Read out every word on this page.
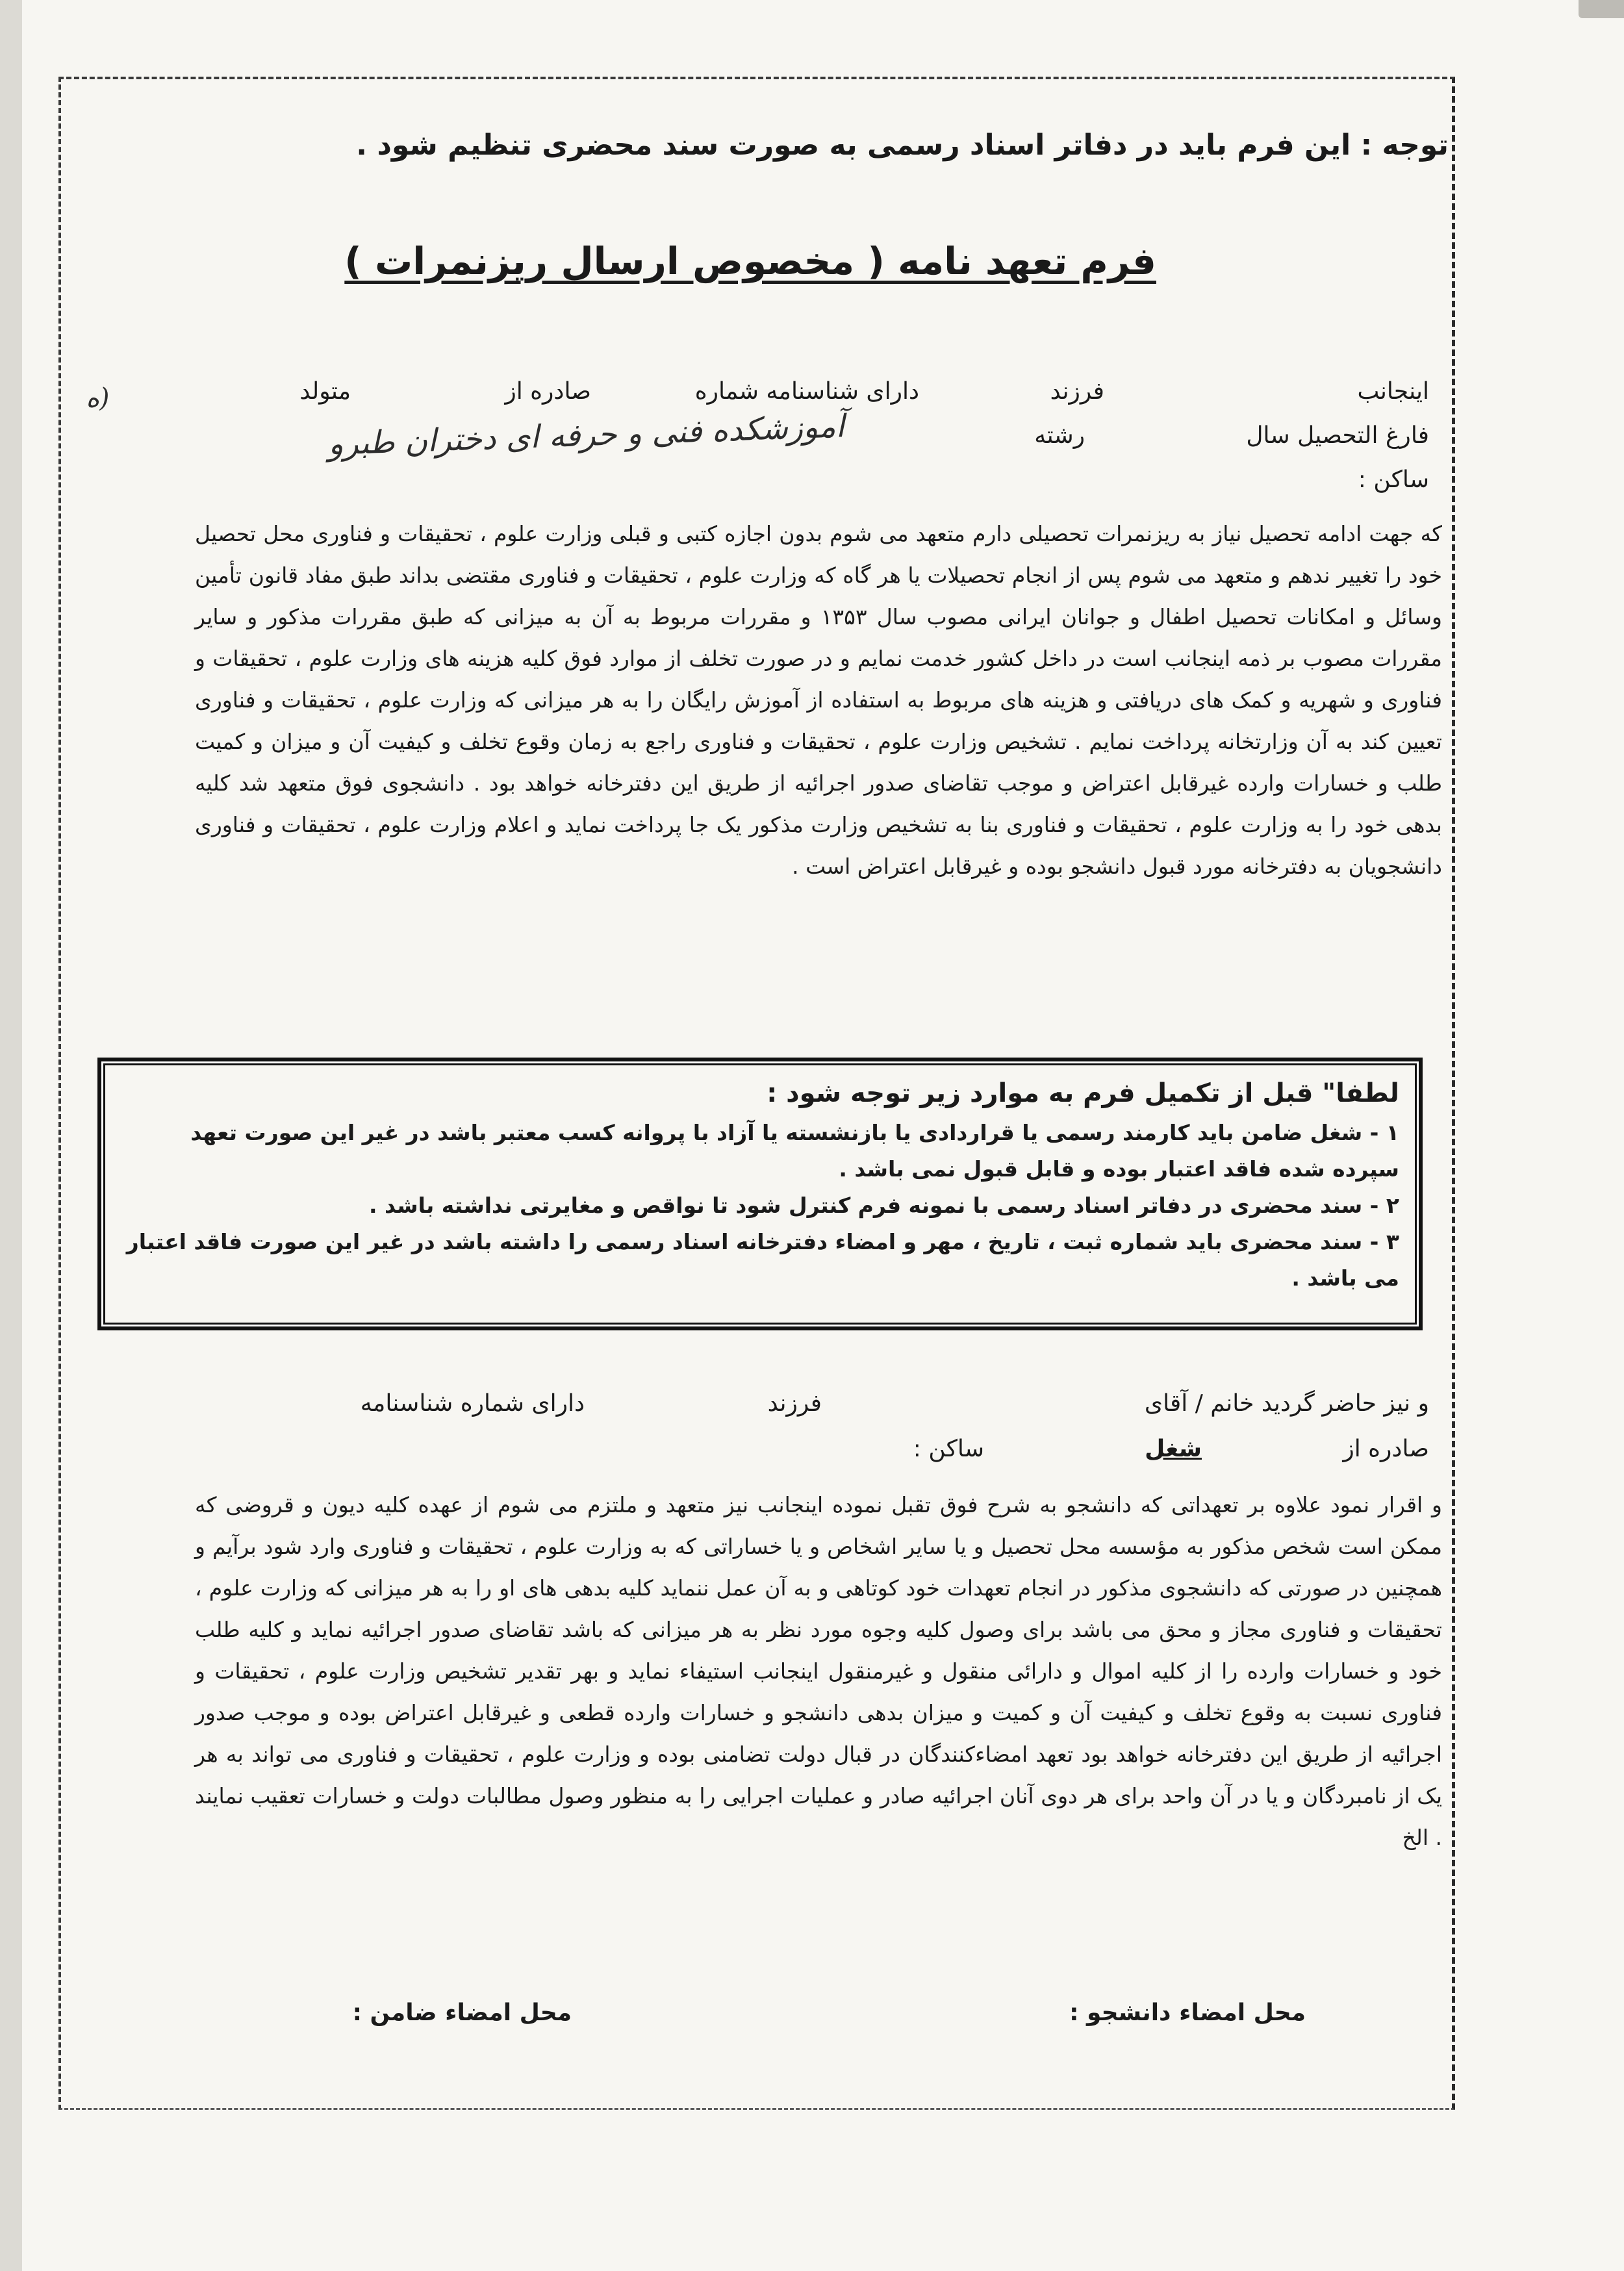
توجه : این فرم باید در دفاتر اسناد رسمی به صورت سند محضری تنظیم شود .
فرم تعهد نامه ( مخصوص ارسال ریزنمرات )
اینجانب
فرزند
دارای شناسنامه شماره
صادره از
متولد
فارغ التحصیل سال
رشته
آموزشکده فنی و حرفه ای دختران طبرو
(ه
ساکن :
که جهت ادامه تحصیل نیاز به ریزنمرات تحصیلی دارم متعهد می شوم بدون اجازه کتبی و قبلی وزارت علوم ، تحقیقات و فناوری محل تحصیل خود را تغییر ندهم و متعهد می شوم پس از انجام تحصیلات یا هر گاه که وزارت علوم ، تحقیقات و فناوری مقتضی بداند طبق مفاد قانون تأمین وسائل و امکانات تحصیل اطفال و جوانان ایرانی مصوب سال ۱۳۵۳ و مقررات مربوط به آن به میزانی که طبق مقررات مذکور و سایر مقررات مصوب بر ذمه اینجانب است در داخل کشور خدمت نمایم و در صورت تخلف از موارد فوق کلیه هزینه های وزارت علوم ، تحقیقات و فناوری و شهریه و کمک های دریافتی و هزینه های مربوط به استفاده از آموزش رایگان را به هر میزانی که وزارت علوم ، تحقیقات و فناوری تعیین کند به آن وزارتخانه پرداخت نمایم . تشخیص وزارت علوم ، تحقیقات و فناوری راجع به زمان وقوع تخلف و کیفیت آن و میزان و کمیت طلب و خسارات وارده غیرقابل اعتراض و موجب تقاضای صدور اجرائیه از طریق این دفترخانه خواهد بود . دانشجوی فوق متعهد شد کلیه بدهی خود را به وزارت علوم ، تحقیقات و فناوری بنا به تشخیص وزارت مذکور یک جا پرداخت نماید و اعلام وزارت علوم ، تحقیقات و فناوری دانشجویان به دفترخانه مورد قبول دانشجو بوده و غیرقابل اعتراض است .
لطفا" قبل از تکمیل فرم به موارد زیر توجه شود :
۱ - شغل ضامن باید کارمند رسمی یا قراردادی یا بازنشسته یا آزاد با پروانه کسب معتبر باشد در غیر این صورت تعهد سپرده شده فاقد اعتبار بوده و قابل قبول نمی باشد .
۲ - سند محضری در دفاتر اسناد رسمی با نمونه فرم کنترل شود تا نواقص و مغایرتی نداشته باشد .
۳ - سند محضری باید شماره ثبت ، تاریخ ، مهر و امضاء دفترخانه اسناد رسمی را داشته باشد در غیر این صورت فاقد اعتبار می باشد .
و نیز حاضر گردید خانم / آقای
فرزند
دارای شماره شناسنامه
صادره از
شغل
ساکن :
و اقرار نمود علاوه بر تعهداتی که دانشجو به شرح فوق تقبل نموده اینجانب نیز متعهد و ملتزم می شوم از عهده کلیه دیون و قروضی که ممکن است شخص مذکور به مؤسسه محل تحصیل و یا سایر اشخاص و یا خساراتی که به وزارت علوم ، تحقیقات و فناوری وارد شود برآیم و همچنین در صورتی که دانشجوی مذکور در انجام تعهدات خود کوتاهی و به آن عمل ننماید کلیه بدهی های او را به هر میزانی که وزارت علوم ، تحقیقات و فناوری مجاز و محق می باشد برای وصول کلیه وجوه مورد نظر به هر میزانی که باشد تقاضای صدور اجرائیه نماید و کلیه طلب خود و خسارات وارده را از کلیه اموال و دارائی منقول و غیرمنقول اینجانب استیفاء نماید و بهر تقدیر تشخیص وزارت علوم ، تحقیقات و فناوری نسبت به وقوع تخلف و کیفیت آن و کمیت و میزان بدهی دانشجو و خسارات وارده قطعی و غیرقابل اعتراض بوده و موجب صدور اجرائیه از طریق این دفترخانه خواهد بود تعهد امضاءکنندگان در قبال دولت تضامنی بوده و وزارت علوم ، تحقیقات و فناوری می تواند به هر یک از نامبردگان و یا در آن واحد برای هر دوی آنان اجرائیه صادر و عملیات اجرایی را به منظور وصول مطالبات دولت و خسارات تعقیب نمایند . الخ
محل امضاء دانشجو :
محل امضاء ضامن :
